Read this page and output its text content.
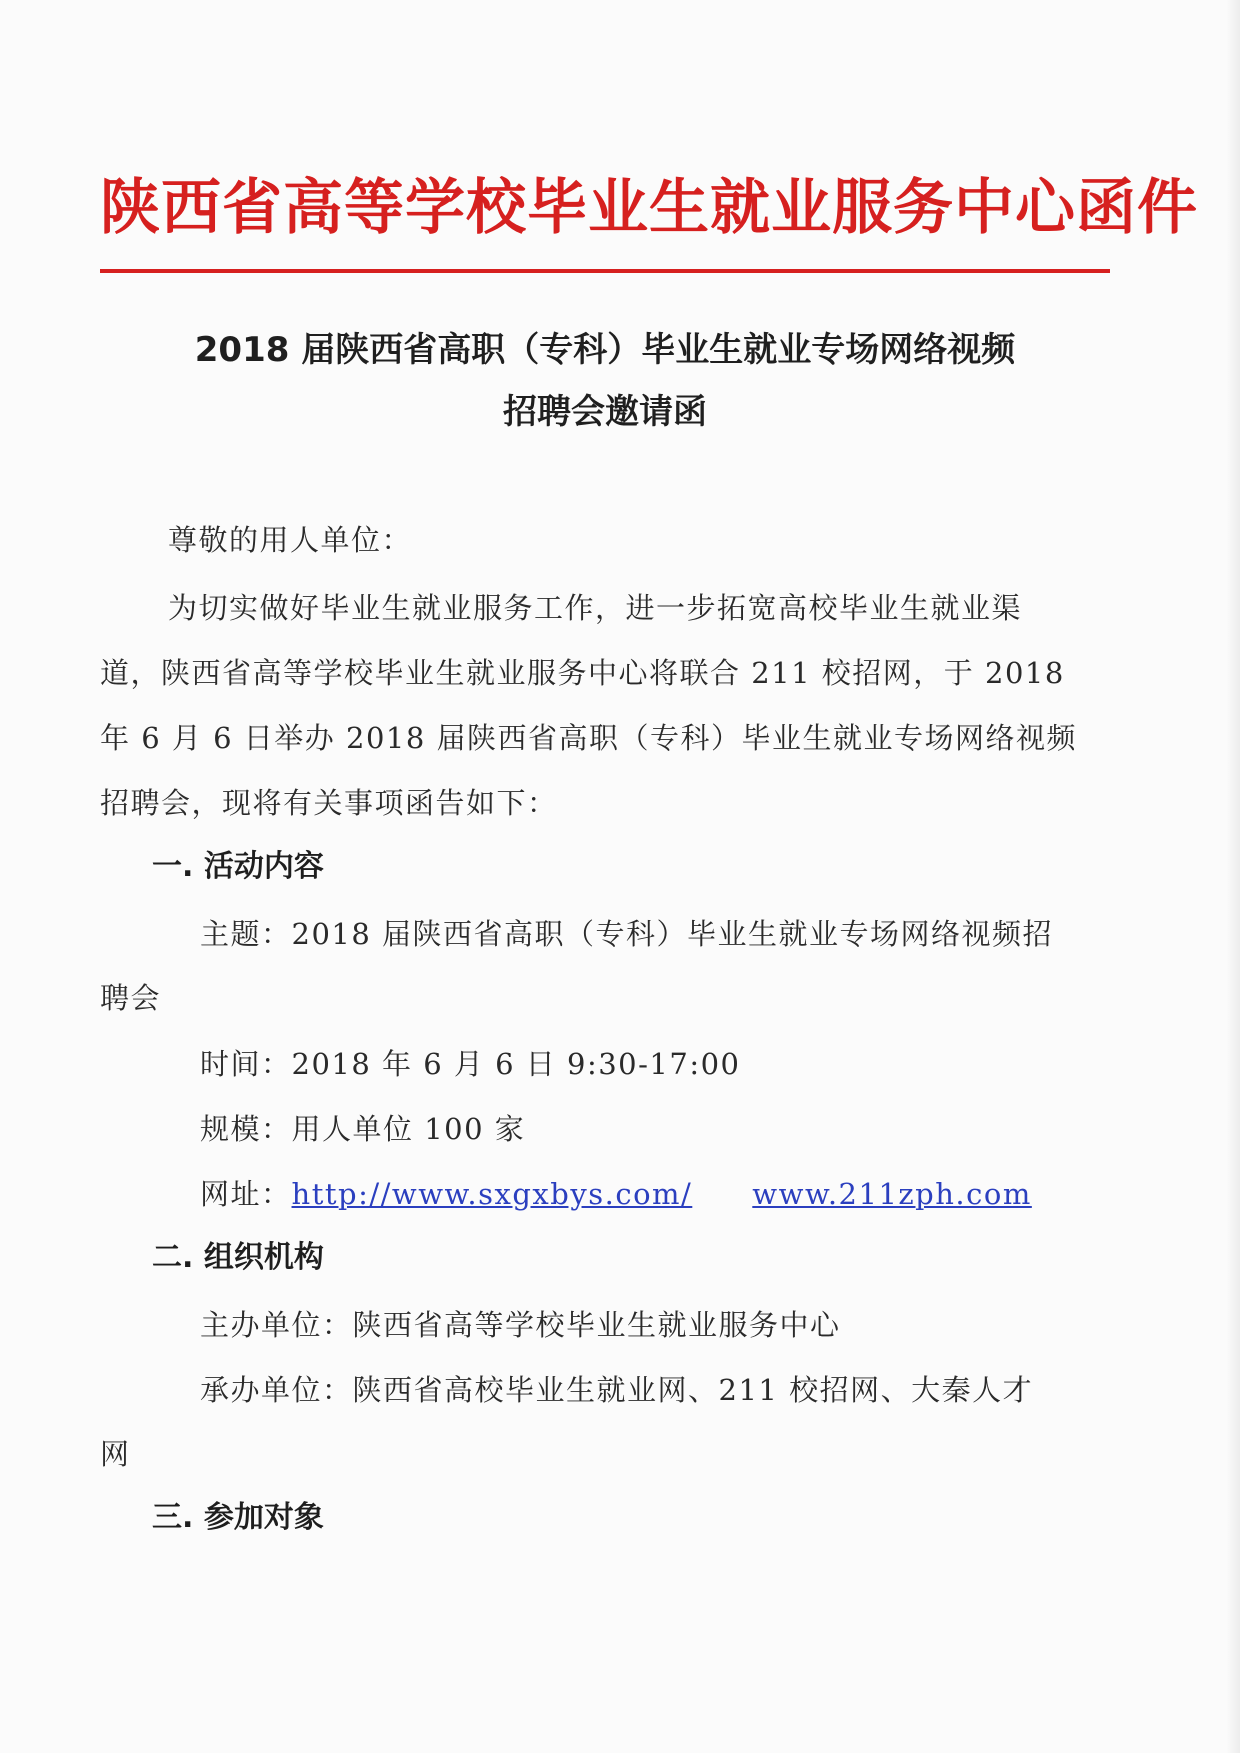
陕西省高等学校毕业生就业服务中心函件
2018 届陕西省高职（专科）毕业生就业专场网络视频
招聘会邀请函
尊敬的用人单位：
为切实做好毕业生就业服务工作，进一步拓宽高校毕业生就业渠
道，陕西省高等学校毕业生就业服务中心将联合 211 校招网，于 2018
年 6 月 6 日举办 2018 届陕西省高职（专科）毕业生就业专场网络视频
招聘会，现将有关事项函告如下：
一. 活动内容
主题：2018 届陕西省高职（专科）毕业生就业专场网络视频招
聘会
时间：2018 年 6 月 6 日 9:30-17:00
规模：用人单位 100 家
网址：http://www.sxgxbys.com/ www.211zph.com
二. 组织机构
主办单位：陕西省高等学校毕业生就业服务中心
承办单位：陕西省高校毕业生就业网、211 校招网、大秦人才
网
三. 参加对象
